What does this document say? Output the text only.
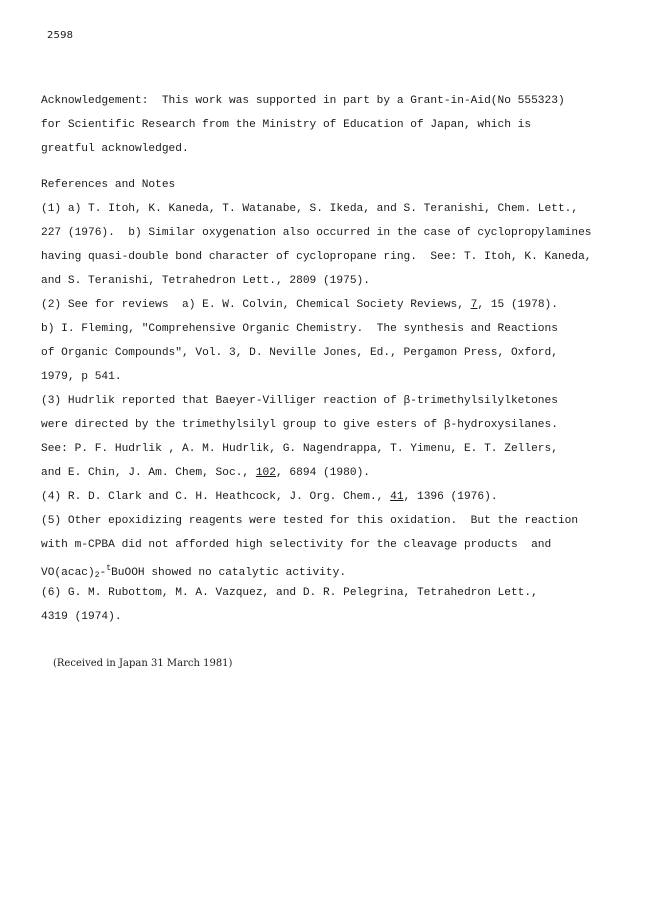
2598
Acknowledgement:  This work was supported in part by a Grant-in-Aid(No 555323)
for Scientific Research from the Ministry of Education of Japan, which is
greatful acknowledged.
References and Notes
(1) a) T. Itoh, K. Kaneda, T. Watanabe, S. Ikeda, and S. Teranishi, Chem. Lett.,
227 (1976).  b) Similar oxygenation also occurred in the case of cyclopropylamines
having quasi-double bond character of cyclopropane ring.  See: T. Itoh, K. Kaneda,
and S. Teranishi, Tetrahedron Lett., 2809 (1975).
(2) See for reviews  a) E. W. Colvin, Chemical Society Reviews, 7, 15 (1978).
b) I. Fleming, "Comprehensive Organic Chemistry.  The synthesis and Reactions
of Organic Compounds", Vol. 3, D. Neville Jones, Ed., Pergamon Press, Oxford,
1979, p 541.
(3) Hudrlik reported that Baeyer-Villiger reaction of β-trimethylsilylketones
were directed by the trimethylsilyl group to give esters of β-hydroxysilanes.
See: P. F. Hudrlik , A. M. Hudrlik, G. Nagendrappa, T. Yimenu, E. T. Zellers,
and E. Chin, J. Am. Chem, Soc., 102, 6894 (1980).
(4) R. D. Clark and C. H. Heathcock, J. Org. Chem., 41, 1396 (1976).
(5) Other epoxidizing reagents were tested for this oxidation.  But the reaction
with m-CPBA did not afforded high selectivity for the cleavage products  and
$VO(acac)_2-^tBuOOH$ showed no catalytic activity.
(6) G. M. Rubottom, M. A. Vazquez, and D. R. Pelegrina, Tetrahedron Lett.,
4319 (1974).
(Received in Japan 31 March 1981)
